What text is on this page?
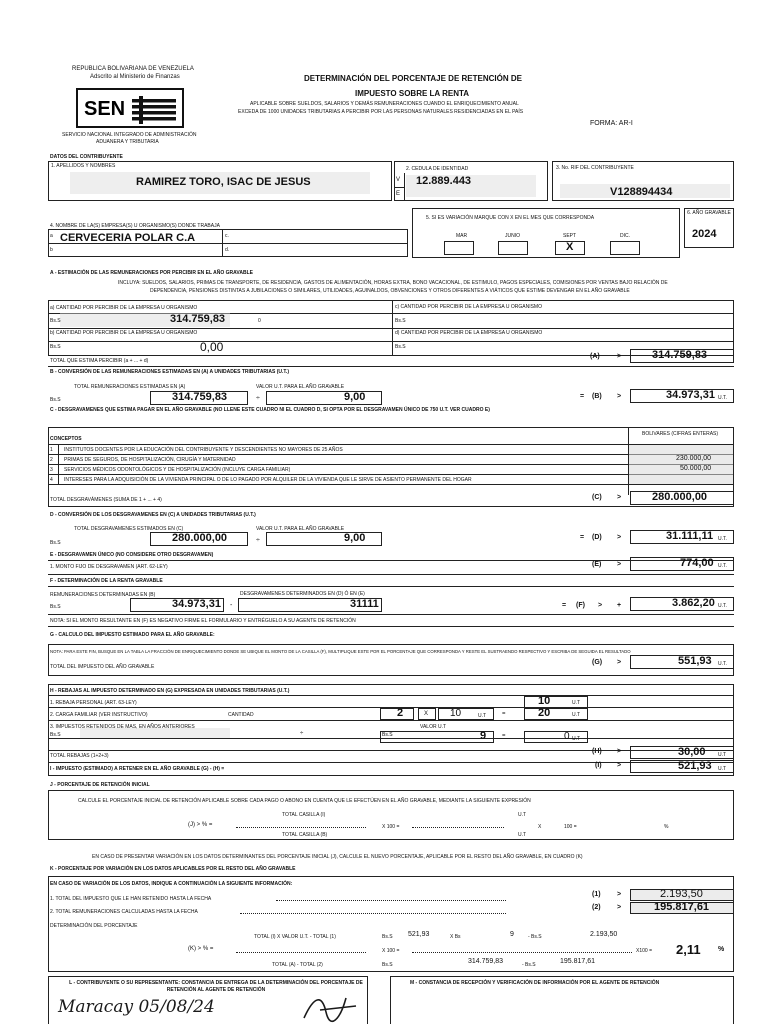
REPUBLICA BOLIVARIANA DE VENEZUELA
Adscrito al Ministerio de Finanzas
SEN
SERVICIO NACIONAL INTEGRADO DE ADMINISTRACIÓN
ADUANERA Y TRIBUTARIA
DETERMINACIÓN DEL PORCENTAJE DE RETENCIÓN DE
IMPUESTO SOBRE LA RENTA
APLICABLE SOBRE SUELDOS, SALARIOS Y DEMÁS REMUNERACIONES CUANDO EL ENRIQUECIMIENTO ANUAL
EXCEDA DE 1000 UNIDADES TRIBUTARIAS A PERCIBIR POR LAS PERSONAS NATURALES RESIDENCIADAS EN EL PAÍS
FORMA: AR-I
DATOS DEL CONTRIBUYENTE
1. APELLIDOS Y NOMBRES
RAMIREZ TORO, ISAC DE JESUS
2. CEDULA DE IDENTIDAD
V
E
12.889.443
3. No. RIF DEL CONTRIBUYENTE
V128894434
4. NOMBRE DE LA(S) EMPRESA(S) U ORGANISMO(S) DONDE TRABAJA
a
b
c.
d.
CERVECERIA POLAR C.A
5. SI ES VARIACIÓN MARQUE CON X EN EL MES QUE CORRESPONDA
MAR	JUNIO	SEPT	DIC.
X
6. AÑO GRAVABLE
2024
A - ESTIMACIÓN DE LAS REMUNERACIONES POR PERCIBIR EN EL AÑO GRAVABLE
INCLUYA: SUELDOS, SALARIOS, PRIMAS DE TRANSPORTE, DE RESIDENCIA, GASTOS DE ALIMENTACIÓN, HORAS EXTRA, BONO VACACIONAL, DE ESTIMULO, PAGOS ESPECIALES, COMISIONES POR VENTAS BAJO RELACIÓN DE
DEPENDENCIA, PENSIONES DISTINTAS A JUBILACIONES O SIMILARES, UTILIDADES, AGUINALDOS, OBVENCIONES Y OTROS DIFERENTES A VIÁTICOS QUE ESTIME DEVENGAR EN EL AÑO GRAVABLE
a) CANTIDAD POR PERCIBIR DE LA EMPRESA U ORGANISMO
Bs.S	314.759,83	0
b) CANTIDAD POR PERCIBIR DE LA EMPRESA U ORGANISMO
Bs.S	0,00
c) CANTIDAD POR PERCIBIR DE LA EMPRESA U ORGANISMO
Bs.S
d) CANTIDAD POR PERCIBIR DE LA EMPRESA U ORGANISMO
Bs.S
TOTAL QUE ESTIMA PERCIBIR (a + ... + d)
(A) >	314.759,83
B - CONVERSIÓN DE LAS REMUNERACIONES ESTIMADAS EN (A) A UNIDADES TRIBUTARIAS (U.T.)
TOTAL REMUNERACIONES ESTIMADAS EN (A)	VALOR U.T. PARA EL AÑO GRAVABLE
Bs.S	314.759,83	÷	9,00	= (B) >	34.973,31 U.T.
C - DESGRAVAMENES QUE ESTIMA PAGAR EN EL AÑO GRAVABLE (NO LLENE ESTE CUADRO NI EL CUADRO D, SI OPTA POR EL DESGRAVAMEN ÚNICO DE 750 U.T. VER CUADRO E)
CONCEPTOS
BOLIVARES (CIFRAS ENTERAS)
1 INSTITUTOS DOCENTES POR LA EDUCACIÓN DEL CONTRIBUYENTE Y DESCENDIENTES NO MAYORES DE 25 AÑOS
2 PRIMAS DE SEGUROS, DE HOSPITALIZACIÓN, CIRUGÍA Y MATERNIDAD	230.000,00
3 SERVICIOS MÉDICOS ODONTOLÓGICOS Y DE HOSPITALIZACIÓN (INCLUYE CARGA FAMILIAR)	50.000,00
4 INTERESES PARA LA ADQUISICIÓN DE LA VIVIENDA PRINCIPAL O DE LO PAGADO POR ALQUILER DE LA VIVIENDA QUE LE SIRVE DE ASIENTO PERMANENTE DEL HOGAR
TOTAL DESGRAVÁMENES (SUMA DE 1 + ... + 4)	(C) >	280.000,00
D - CONVERSIÓN DE LOS DESGRAVAMENES EN (C) A UNIDADES TRIBUTARIAS (U.T.)
TOTAL DESGRAVAMENES ESTIMADOS EN (C)	VALOR U.T. PARA EL AÑO GRAVABLE
Bs.S	280.000,00	÷	9,00	= (D) >	31.111,11 U.T.
E - DESGRAVAMEN ÚNICO (NO CONSIDERE OTRO DESGRAVAMEN)
1. MONTO FIJO DE DESGRAVAMEN (ART. 62-LEY)	(E) >	774,00 U.T.
F - DETERMINACIÓN DE LA RENTA GRAVABLE
REMUNERACIONES DETERMINADAS EN (B)	DESGRAVAMENES DETERMINADOS EN (D) Ó EN (E)
Bs.S	34.973,31 -	31111	= (F) > +	3.862,20 U.T.
NOTA: SI EL MONTO RESULTANTE EN (F) ES NEGATIVO FIRME EL FORMULARIO Y ENTRÉGUELO A SU AGENTE DE RETENCIÓN
G - CALCULO DEL IMPUESTO ESTIMADO PARA EL AÑO GRAVABLE:
NOTA: PARA ESTE FIN, BUSQUE EN LA TABLA LA FRACCIÓN DE ENRIQUECIMIENTO DONDE SE UBIQUE EL MONTO DE LA CASILLA (F), MULTIPLIQUE ESTE POR EL PORCENTAJE QUE CORRESPONDA Y RESTE EL SUSTRAENDO RESPECTIVO Y ESCRIBA DE SEGUIDA EL RESULTADO
TOTAL DEL IMPUESTO DEL AÑO GRAVABLE
(G) >	551,93 U.T.
H - REBAJAS AL IMPUESTO DETERMINADO EN (G) EXPRESADA EN UNIDADES TRIBUTARIAS (U.T.)
1. REBAJA PERSONAL (ART. 63-LEY)	10	U.T
2. CARGA FAMILIAR (VER INSTRUCTIVO)	CANTIDAD	2	X 10	U.T	=	20	U.T
3. IMPUESTOS RETENIDOS DE MAS, EN AÑOS ANTERIORES
Bs.S	÷
VALOR U.T
Bs.S	9	=	0 U.T
TOTAL REBAJAS (1+2+3)
(H) >	30,00 U.T
I - IMPUESTO (ESTIMADO) A RETENER EN EL AÑO GRAVABLE (G) - (H) =	(I) >	521,93 U.T
J - PORCENTAJE DE RETENCIÓN INICIAL
CALCULE EL PORCENTAJE INICIAL DE RETENCIÓN APLICABLE SOBRE CADA PAGO O ABONO EN CUENTA QUE LE EFECTÚEN EN EL AÑO GRAVABLE, MEDIANTE LA SIGUIENTE EXPRESIÓN
TOTAL CASILLA (I)
(J) > % =
TOTAL CASILLA (B)
X 100 =
U.T
U.T
X	100 =	%
EN CASO DE PRESENTAR VARIACIÓN EN LOS DATOS DETERMINANTES DEL PORCENTAJE INICIAL (J), CALCULE EL NUEVO PORCENTAJE, APLICABLE POR EL RESTO DEL AÑO GRAVABLE, EN CUADRO (K)
K - PORCENTAJE POR VARIACIÓN EN LOS DATOS APLICABLES POR EL RESTO DEL AÑO GRAVABLE
EN CASO DE VARIACIÓN DE LOS DATOS, INDIQUE A CONTINUACIÓN LA SIGUIENTE INFORMACIÓN:
1. TOTAL DEL IMPUESTO QUE LE HAN RETENIDO HASTA LA FECHA
(1) >	2.193,50
2. TOTAL REMUNERACIONES CALCULADAS HASTA LA FECHA
(2) >	195.817,61
DETERMINACIÓN DEL PORCENTAJE
TOTAL (I) X VALOR U.T. - TOTAL (1)	Bs.S 521,93	X Bs	9	- Bs.S	2.193,50
(K) > % =	X 100 =	X100 = 2,11 %
TOTAL (A) - TOTAL (2)	Bs.S	314.759,83	- Bs.S	195.817,61
L - CONTRIBUYENTE O SU REPRESENTANTE: CONSTANCIA DE ENTREGA DE LA DETERMINACIÓN DEL PORCENTAJE DE RETENCIÓN AL AGENTE DE RETENCIÓN
M - CONSTANCIA DE RECEPCIÓN Y VERIFICACIÓN DE INFORMACIÓN POR EL AGENTE DE RETENCIÓN
Maracay 05/08/24
